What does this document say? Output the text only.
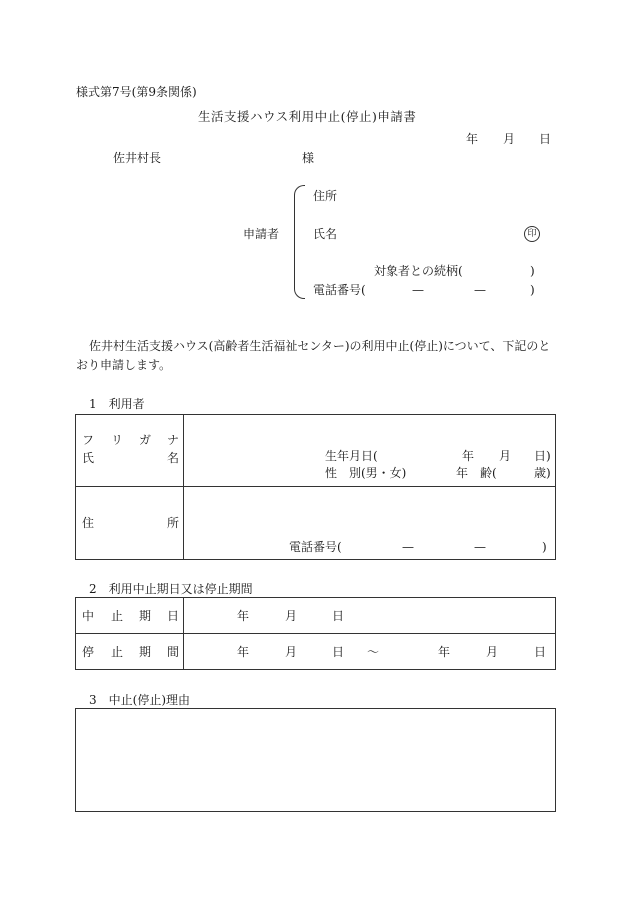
様式第7号(第9条関係)
生活支援ハウス利用中止(停止)申請書
年 月 日
佐井村長	様
申請者
住所
氏名	印
対象者との続柄(	)
電話番号(	—	—	)
佐井村生活支援ハウス(高齢者生活福祉センター)の利用中止(停止)について、下記のと
おり申請します。
1　利用者
フ リ ガ ナ
氏	名	生年月日(	年 月 日)
性　別(男・女)	年　齢(	歳)
住	所
電話番号(	—	—	)
2　利用中止期日又は停止期間
中 止 期 日	年	月	日
停 止 期 間	年	月	日 ～	年	月	日
3　中止(停止)理由
